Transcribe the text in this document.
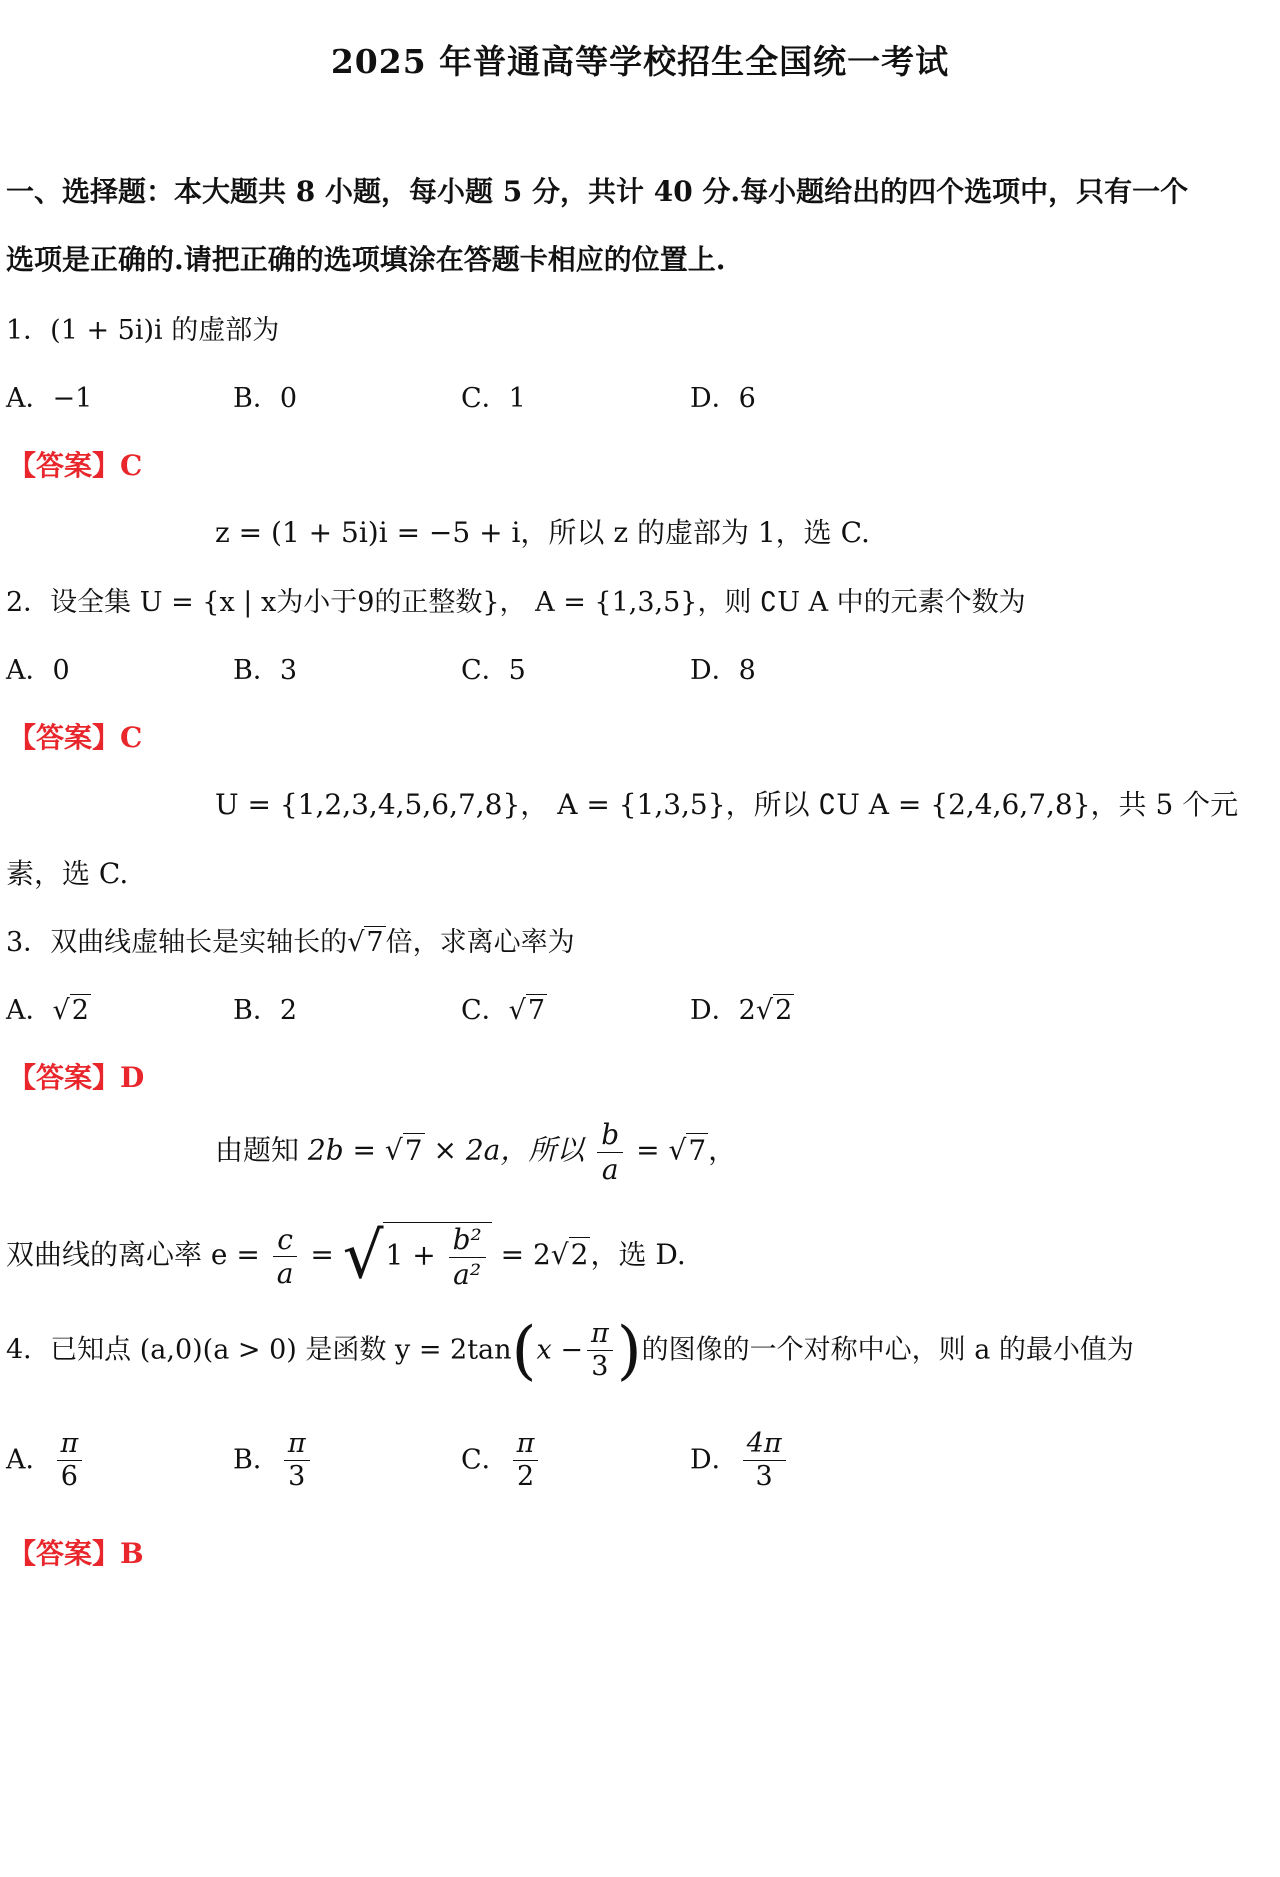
2025 年普通高等学校招生全国统一考试
一、选择题：本大题共 8 小题，每小题 5 分，共计 40 分.每小题给出的四个选项中，只有一个
选项是正确的.请把正确的选项填涂在答题卡相应的位置上.
1．(1 + 5i)i 的虚部为
A．−1	B．0	C．1	D．6
【答案】C
z = (1 + 5i)i = −5 + i，所以 z 的虚部为 1，选 C.
2．设全集 U = {x | x为小于9的正整数}， A = {1,3,5}，则 ∁U A 中的元素个数为
A．0	B．3	C．5	D．8
【答案】C
U = {1,2,3,4,5,6,7,8}， A = {1,3,5}，所以 ∁U A = {2,4,6,7,8}，共 5 个元
素，选 C.
3．双曲线虚轴长是实轴长的√7倍，求离心率为
A．√2	B．2	C．√7	D．2√2
【答案】D
由题知 2b = √7 × 2a，所以 $\frac{b}{a} = √7$，
双曲线的离心率 $e = \frac{c}{a} = √1 + \frac{\text{b²}}{\text{a²}} = 2√2$，选 D.
4．已知点 (a,0)(a > 0) 是函数 $y = 2\tan(x - \frac{\pi}{3}$ )的图像的一个对称中心，则 a 的最小值为
A． $\frac{\pi}{6}$	B． $\frac{\pi}{3}$	C． $\frac{\pi}{2}$	D． $\frac{4\pi}{3}$
【答案】B
